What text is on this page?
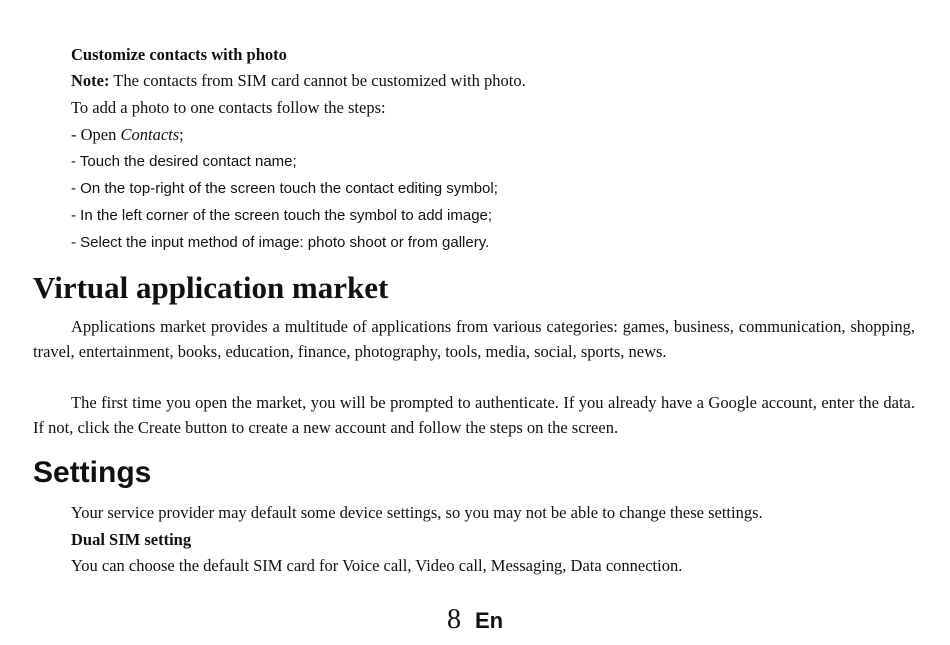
Customize contacts with photo
Note: The contacts from SIM card cannot be customized with photo.
To add a photo to one contacts follow the steps:
- Open Contacts;
- Touch the desired contact name;
- On the top-right of the screen touch the contact editing symbol;
- In the left corner of the screen touch the symbol to add image;
- Select the input method of image: photo shoot or from gallery.
Virtual application market
Applications market provides a multitude of applications from various categories: games, business, communication, shopping, travel, entertainment, books, education, finance, photography, tools, media, social, sports, news.
The first time you open the market, you will be prompted to authenticate. If you already have a Google account, enter the data. If not, click the Create button to create a new account and follow the steps on the screen.
Settings
Your service provider may default some device settings, so you may not be able to change these settings.
Dual SIM setting
You can choose the default SIM card for Voice call, Video call, Messaging, Data connection.
8 En
